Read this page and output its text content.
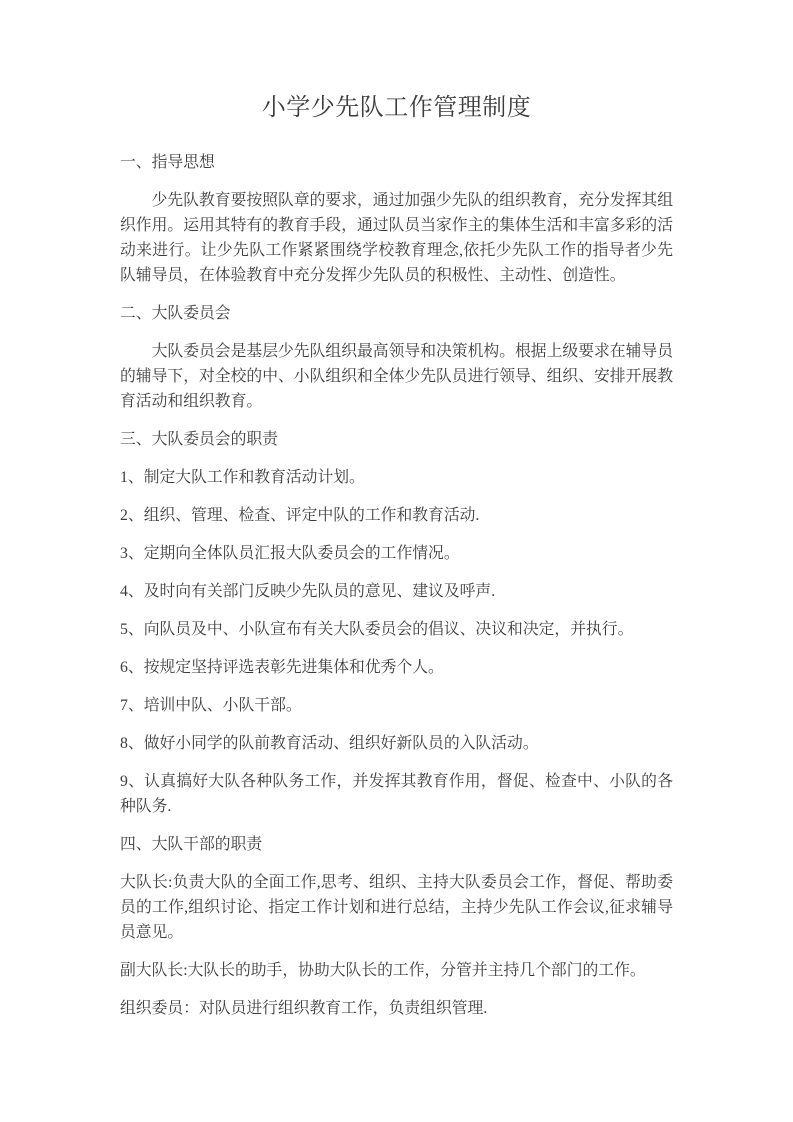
小学少先队工作管理制度

一、指导思想

少先队教育要按照队章的要求，通过加强少先队的组织教育，充分发挥其组织作用。运用其特有的教育手段，通过队员当家作主的集体生活和丰富多彩的活动来进行。让少先队工作紧紧围绕学校教育理念,依托少先队工作的指导者少先队辅导员，在体验教育中充分发挥少先队员的积极性、主动性、创造性。

二、大队委员会

大队委员会是基层少先队组织最高领导和决策机构。根据上级要求在辅导员的辅导下，对全校的中、小队组织和全体少先队员进行领导、组织、安排开展教育活动和组织教育。

三、大队委员会的职责

1、制定大队工作和教育活动计划。

2、组织、管理、检查、评定中队的工作和教育活动.

3、定期向全体队员汇报大队委员会的工作情况。

4、及时向有关部门反映少先队员的意见、建议及呼声.

5、向队员及中、小队宣布有关大队委员会的倡议、决议和决定，并执行。

6、按规定坚持评选表彰先进集体和优秀个人。

7、培训中队、小队干部。

8、做好小同学的队前教育活动、组织好新队员的入队活动。

9、认真搞好大队各种队务工作，并发挥其教育作用，督促、检查中、小队的各种队务.

四、大队干部的职责

大队长:负责大队的全面工作,思考、组织、主持大队委员会工作，督促、帮助委员的工作,组织讨论、指定工作计划和进行总结，主持少先队工作会议,征求辅导员意见。

副大队长:大队长的助手，协助大队长的工作，分管并主持几个部门的工作。

组织委员：对队员进行组织教育工作，负责组织管理.
